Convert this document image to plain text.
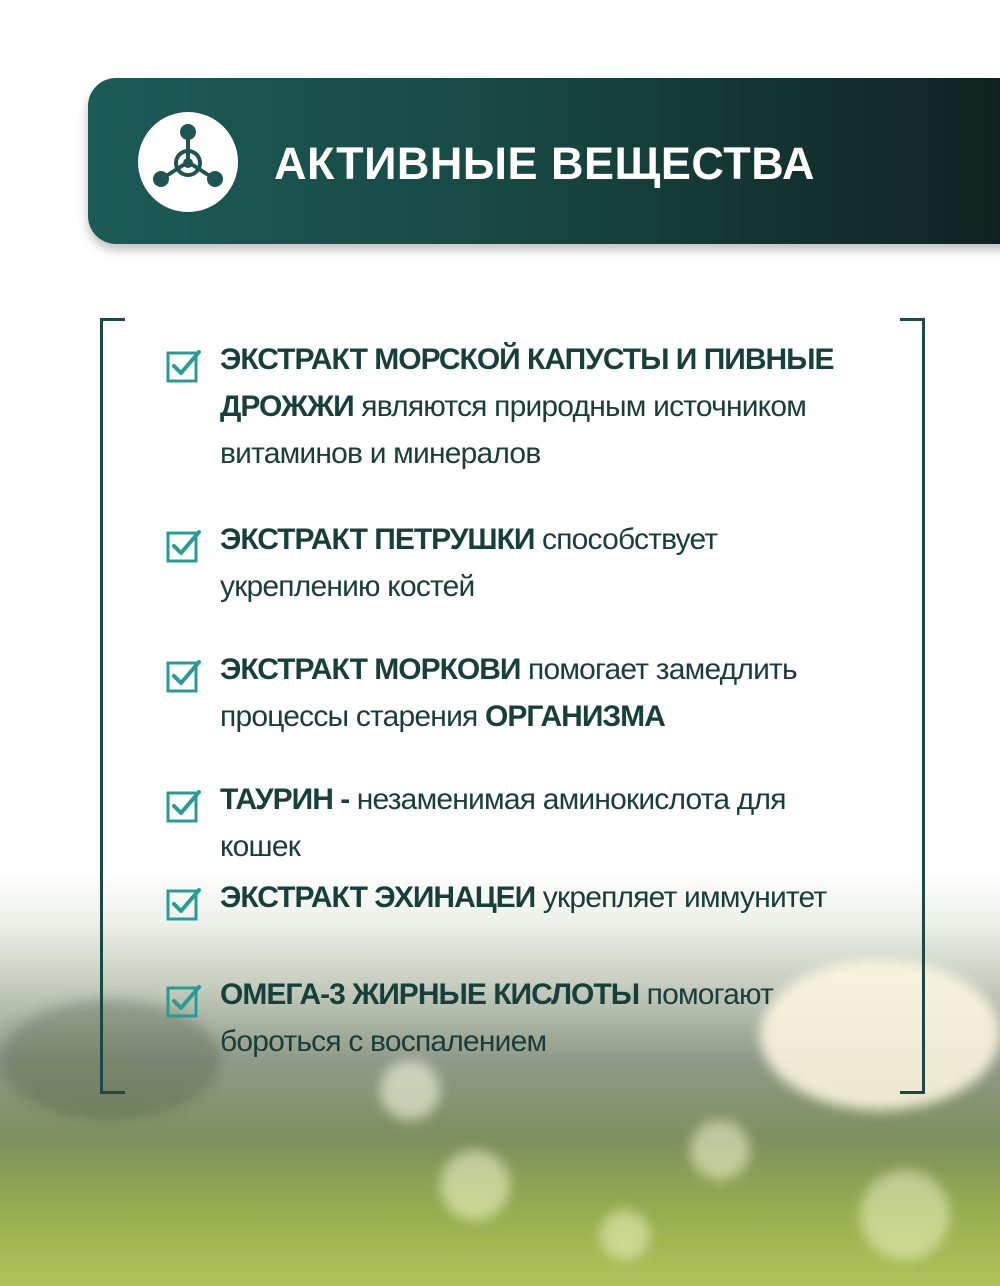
АКТИВНЫЕ ВЕЩЕСТВА
ЭКСТРАКТ МОРСКОЙ КАПУСТЫ И ПИВНЫЕ ДРОЖЖИ являются природным источником витаминов и минералов
ЭКСТРАКТ ПЕТРУШКИ способствует укреплению костей
ЭКСТРАКТ МОРКОВИ помогает замедлить процессы старения ОРГАНИЗМА
ТАУРИН - незаменимая аминокислота для кошек
ЭКСТРАКТ ЭХИНАЦЕИ укрепляет иммунитет
ОМЕГА-3 ЖИРНЫЕ КИСЛОТЫ помогают бороться с воспалением
